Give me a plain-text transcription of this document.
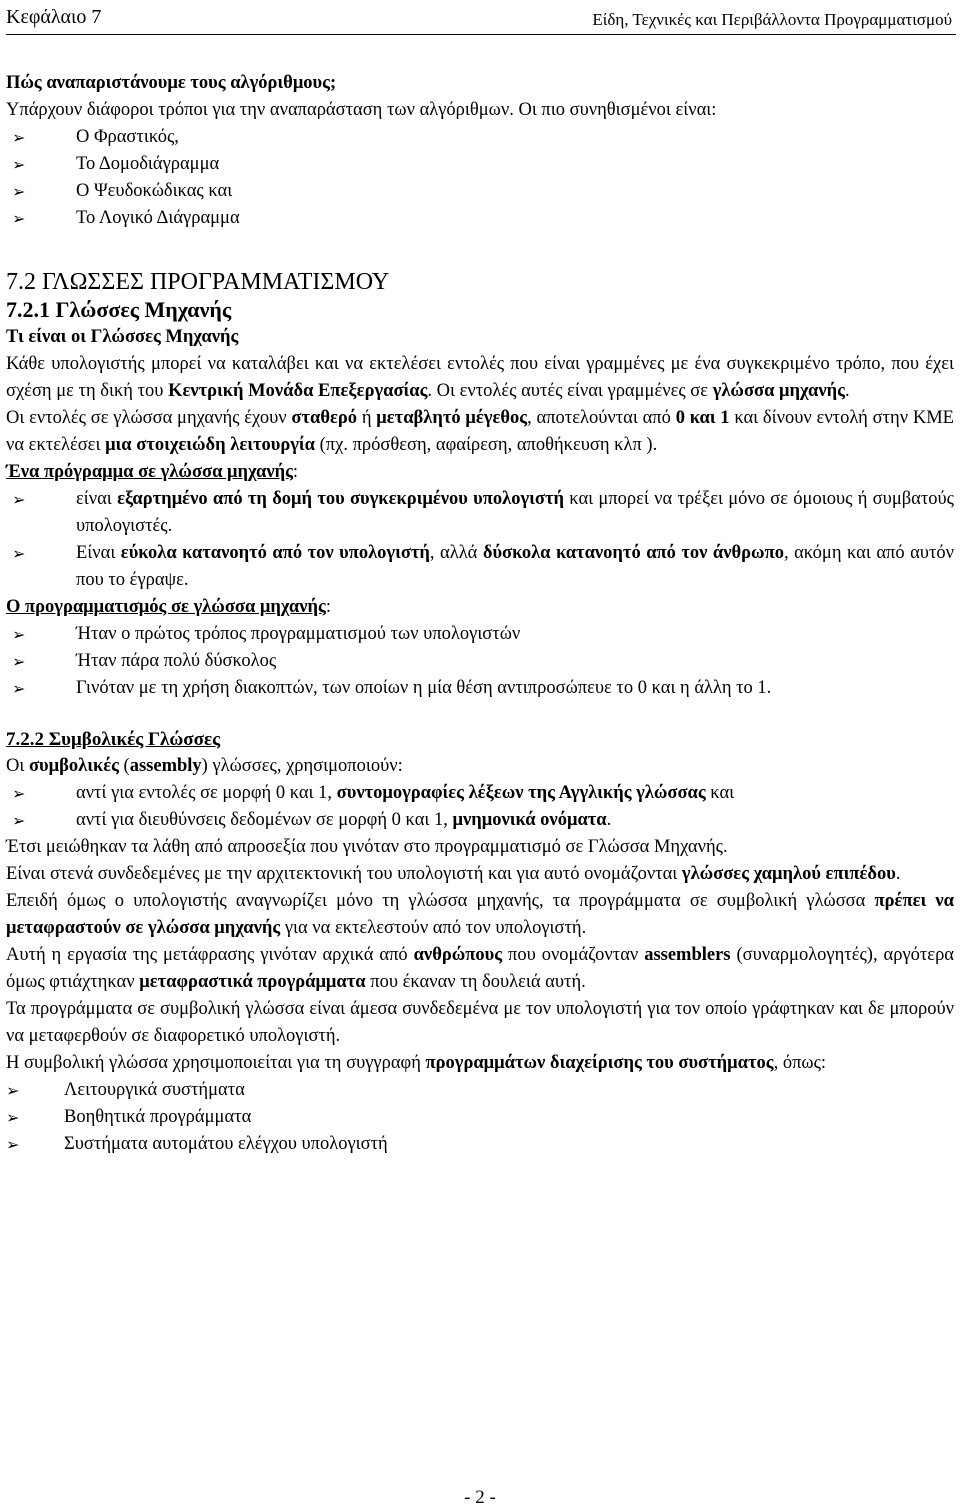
Κεφάλαιο 7	Είδη, Τεχνικές και Περιβάλλοντα Προγραμματισμού

Πώς αναπαριστάνουμε τους αλγόριθμους;

Υπάρχουν διάφοροι τρόποι για την αναπαράσταση των αλγόριθμων. Οι πιο συνηθισμένοι είναι:

➢	Ο Φραστικός,
➢	Το Δομοδιάγραμμα
➢	Ο Ψευδοκώδικας και
➢	Το Λογικό Διάγραμμα

7.2 ΓΛΩΣΣΕΣ ΠΡΟΓΡΑΜΜΑΤΙΣΜΟΥ

7.2.1 Γλώσσες Μηχανής

Τι είναι οι Γλώσσες Μηχανής

Κάθε υπολογιστής μπορεί να καταλάβει και να εκτελέσει εντολές που είναι γραμμένες με ένα συγκεκριμένο τρόπο, που έχει σχέση με τη δική του Κεντρική Μονάδα Επεξεργασίας. Οι εντολές αυτές είναι γραμμένες σε γλώσσα μηχανής.

Οι εντολές σε γλώσσα μηχανής έχουν σταθερό ή μεταβλητό μέγεθος, αποτελούνται από 0 και 1 και δίνουν εντολή στην ΚΜΕ να εκτελέσει μια στοιχειώδη λειτουργία (πχ. πρόσθεση, αφαίρεση, αποθήκευση κλπ ).

Ένα πρόγραμμα σε γλώσσα μηχανής:

➢	είναι εξαρτημένο από τη δομή του συγκεκριμένου υπολογιστή και μπορεί να τρέξει μόνο σε όμοιους ή συμβατούς υπολογιστές.
➢	Είναι εύκολα κατανοητό από τον υπολογιστή, αλλά δύσκολα κατανοητό από τον άνθρωπο, ακόμη και από αυτόν που το έγραψε.

Ο προγραμματισμός σε γλώσσα μηχανής:

➢	Ήταν ο πρώτος τρόπος προγραμματισμού των υπολογιστών
➢	Ήταν πάρα πολύ δύσκολος
➢	Γινόταν με τη χρήση διακοπτών, των οποίων η μία θέση αντιπροσώπευε το 0 και η άλλη το 1.

7.2.2 Συμβολικές Γλώσσες

Οι συμβολικές (assembly) γλώσσες, χρησιμοποιούν:

➢	αντί για εντολές σε μορφή 0 και 1, συντομογραφίες λέξεων της Αγγλικής γλώσσας και
➢	αντί για διευθύνσεις δεδομένων σε μορφή 0 και 1, μνημονικά ονόματα.

Έτσι μειώθηκαν τα λάθη από απροσεξία που γινόταν στο προγραμματισμό σε Γλώσσα Μηχανής.

Είναι στενά συνδεδεμένες με την αρχιτεκτονική του υπολογιστή και για αυτό ονομάζονται γλώσσες χαμηλού επιπέδου.

Επειδή όμως ο υπολογιστής αναγνωρίζει μόνο τη γλώσσα μηχανής, τα προγράμματα σε συμβολική γλώσσα πρέπει να μεταφραστούν σε γλώσσα μηχανής για να εκτελεστούν από τον υπολογιστή.

Αυτή η εργασία της μετάφρασης γινόταν αρχικά από ανθρώπους που ονομάζονταν assemblers (συναρμολογητές), αργότερα όμως φτιάχτηκαν μεταφραστικά προγράμματα που έκαναν τη δουλειά αυτή.

Τα προγράμματα σε συμβολική γλώσσα είναι άμεσα συνδεδεμένα με τον υπολογιστή για τον οποίο γράφτηκαν και δε μπορούν να μεταφερθούν σε διαφορετικό υπολογιστή.

Η συμβολική γλώσσα χρησιμοποιείται για τη συγγραφή προγραμμάτων διαχείρισης του συστήματος, όπως:

➢ Λειτουργικά συστήματα
➢ Βοηθητικά προγράμματα
➢ Συστήματα αυτομάτου ελέγχου υπολογιστή
- 2 -
